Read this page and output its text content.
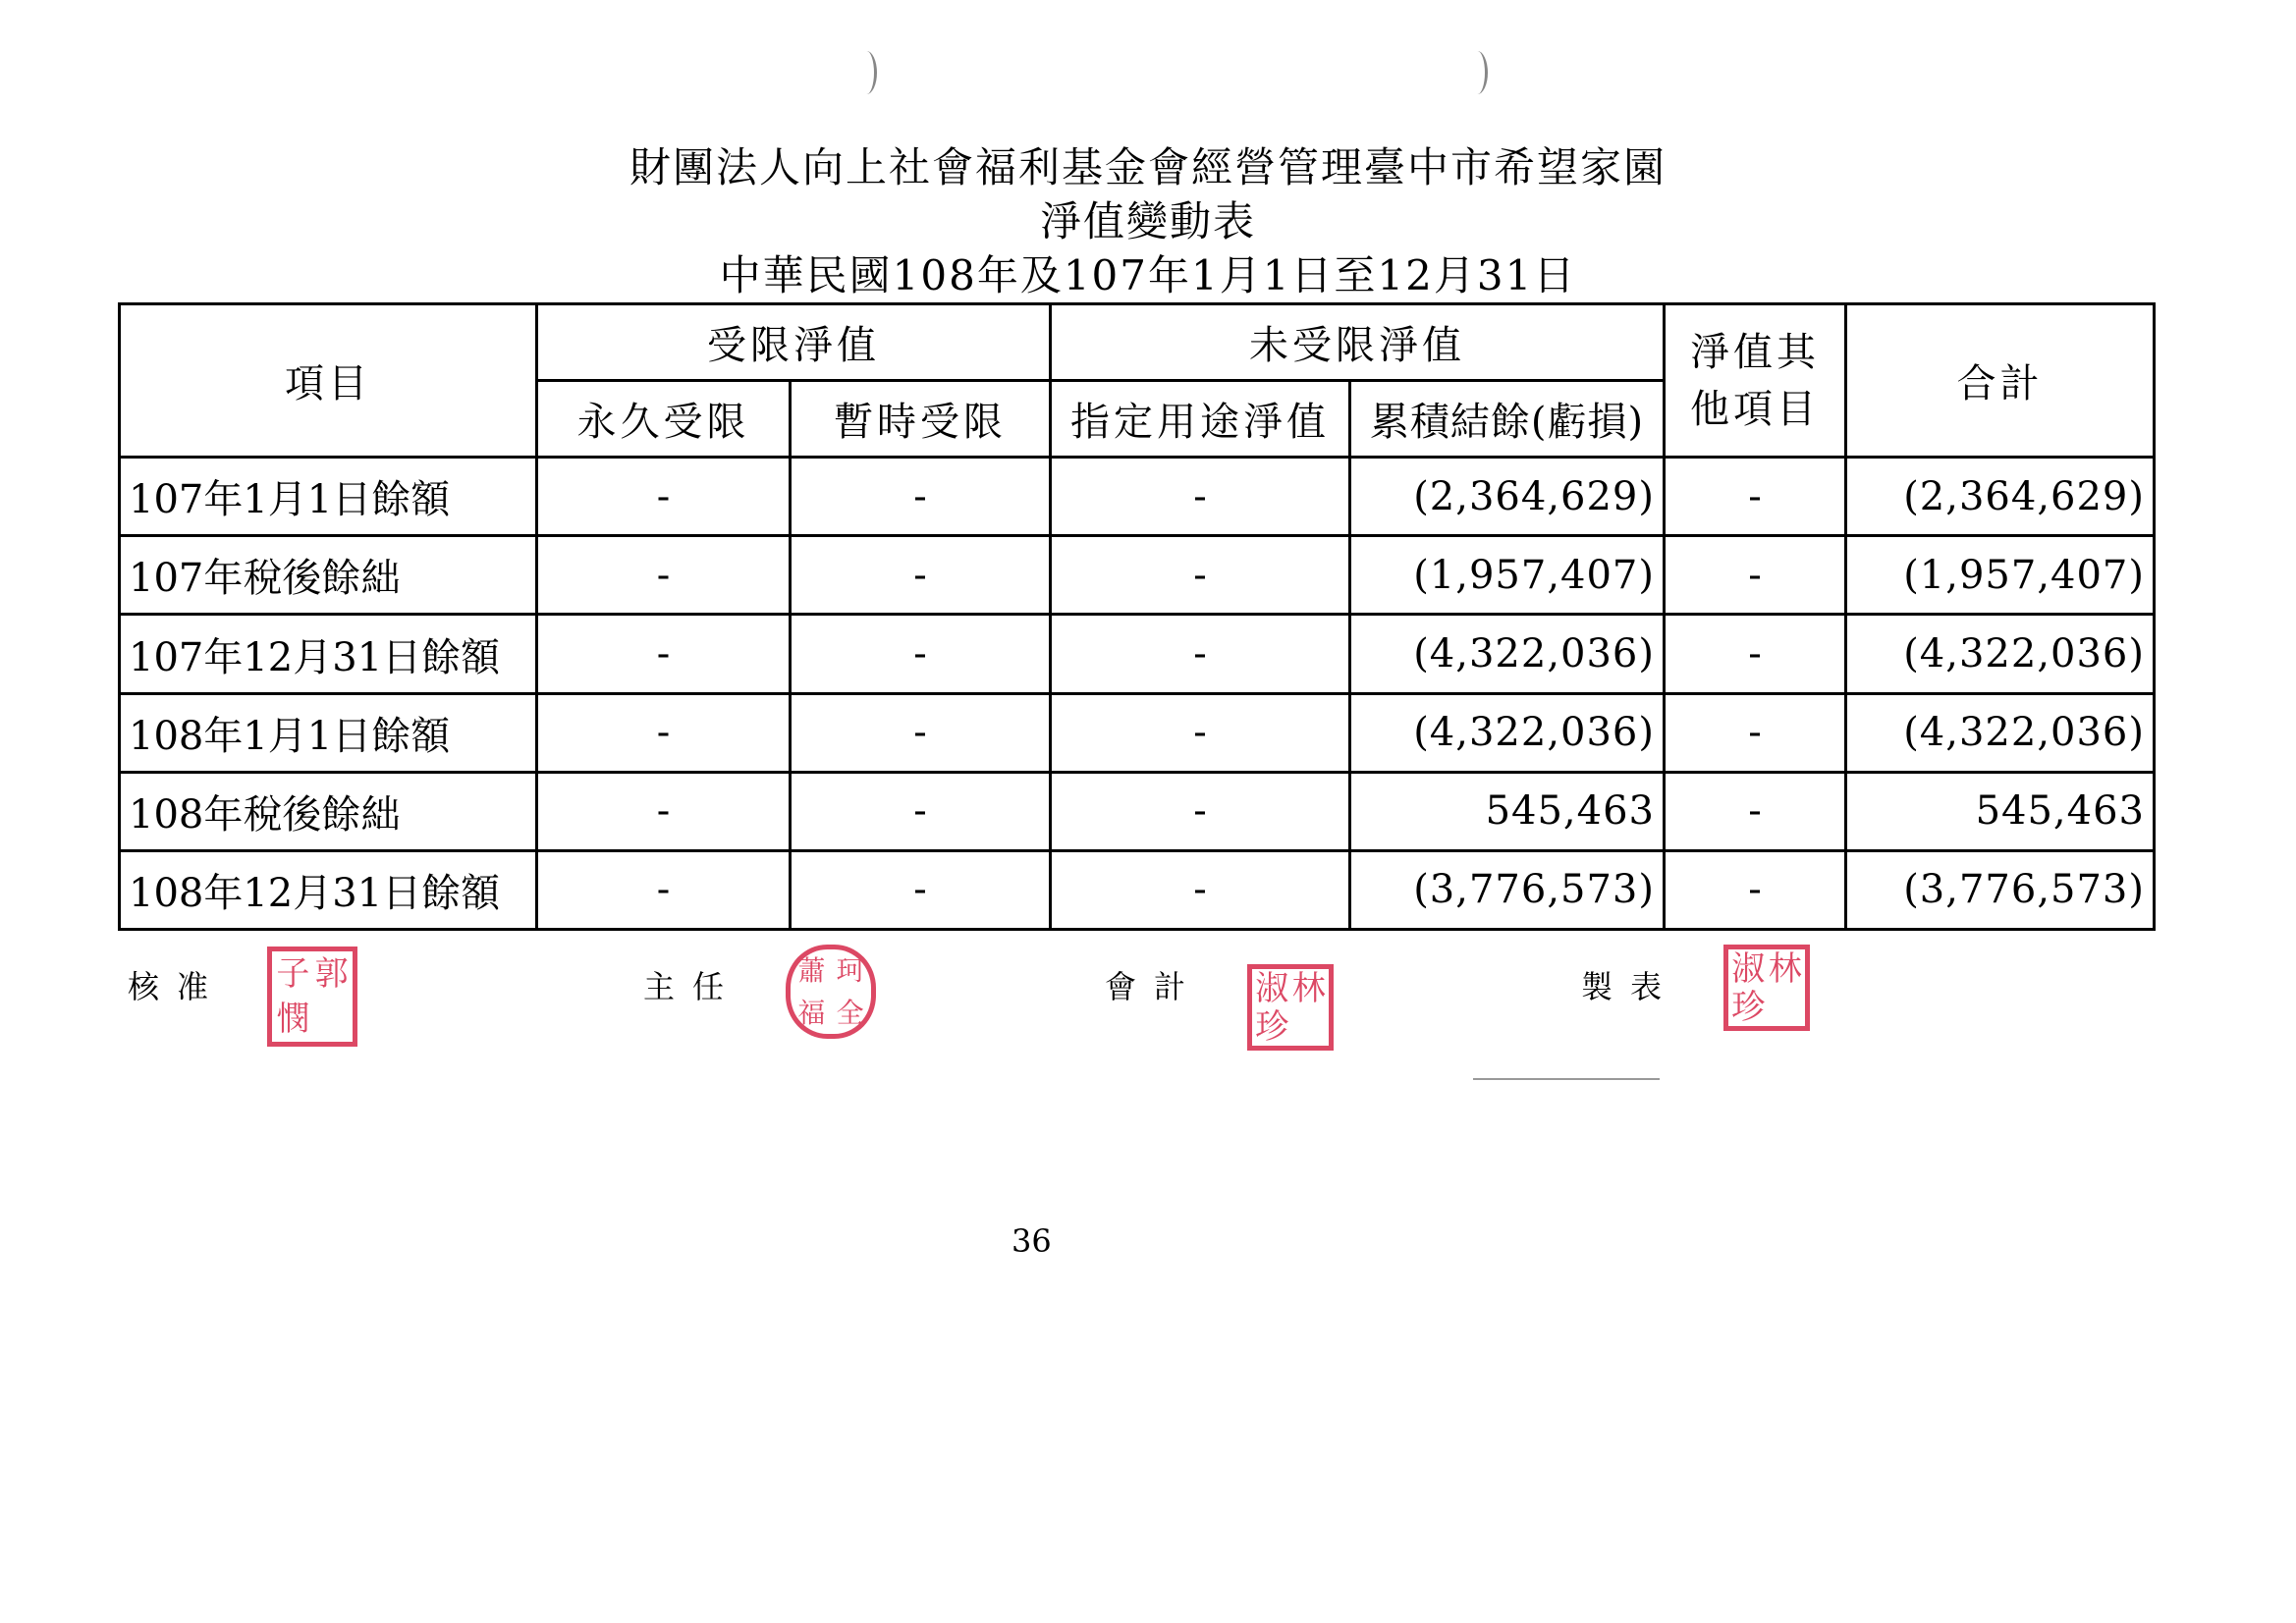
財團法人向上社會福利基金會經營管理臺中市希望家園
淨值變動表
中華民國108年及107年1月1日至12月31日
項目	受限淨值		未受限淨值		淨值其他項目	合計
	永久受限	暫時受限	指定用途淨值	累積結餘(虧損)		
107年1月1日餘額	-	-	-	(2,364,629)	-	(2,364,629)
107年稅後餘絀	-	-	-	(1,957,407)	-	(1,957,407)
107年12月31日餘額	-	-	-	(4,322,036)	-	(4,322,036)
108年1月1日餘額	-	-	-	(4,322,036)	-	(4,322,036)
108年稅後餘絀	-	-	-	545,463	-	545,463
108年12月31日餘額	-	-	-	(3,776,573)	-	(3,776,573)
核准 子 郭
憫
主任 蕭 珂
福 全
會計 淑 林
珍
製表 淑 林
珍
36
